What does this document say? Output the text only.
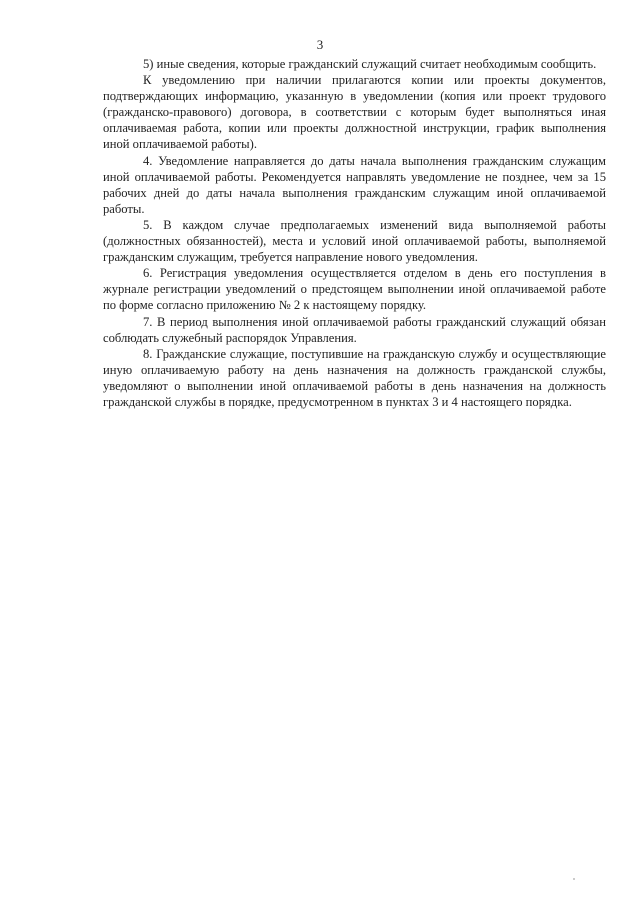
3

5) иные сведения, которые гражданский служащий считает необходимым сообщить.

К уведомлению при наличии прилагаются копии или проекты документов, подтверждающих информацию, указанную в уведомлении (копия или проект трудового (гражданско-правового) договора, в соответствии с которым будет выполняться иная оплачиваемая работа, копии или проекты должностной инструкции, график выполнения иной оплачиваемой работы).

4. Уведомление направляется до даты начала выполнения гражданским служащим иной оплачиваемой работы. Рекомендуется направлять уведомление не позднее, чем за 15 рабочих дней до даты начала выполнения гражданским служащим иной оплачиваемой работы.

5. В каждом случае предполагаемых изменений вида выполняемой работы (должностных обязанностей), места и условий иной оплачиваемой работы, выполняемой гражданским служащим, требуется направление нового уведомления.

6. Регистрация уведомления осуществляется отделом в день его поступления в журнале регистрации уведомлений о предстоящем выполнении иной оплачиваемой работе по форме согласно приложению № 2 к настоящему порядку.

7. В период выполнения иной оплачиваемой работы гражданский служащий обязан соблюдать служебный распорядок Управления.

8. Гражданские служащие, поступившие на гражданскую службу и осуществляющие иную оплачиваемую работу на день назначения на должность гражданской службы, уведомляют о выполнении иной оплачиваемой работы в день назначения на должность гражданской службы в порядке, предусмотренном в пунктах 3 и 4 настоящего порядка.
